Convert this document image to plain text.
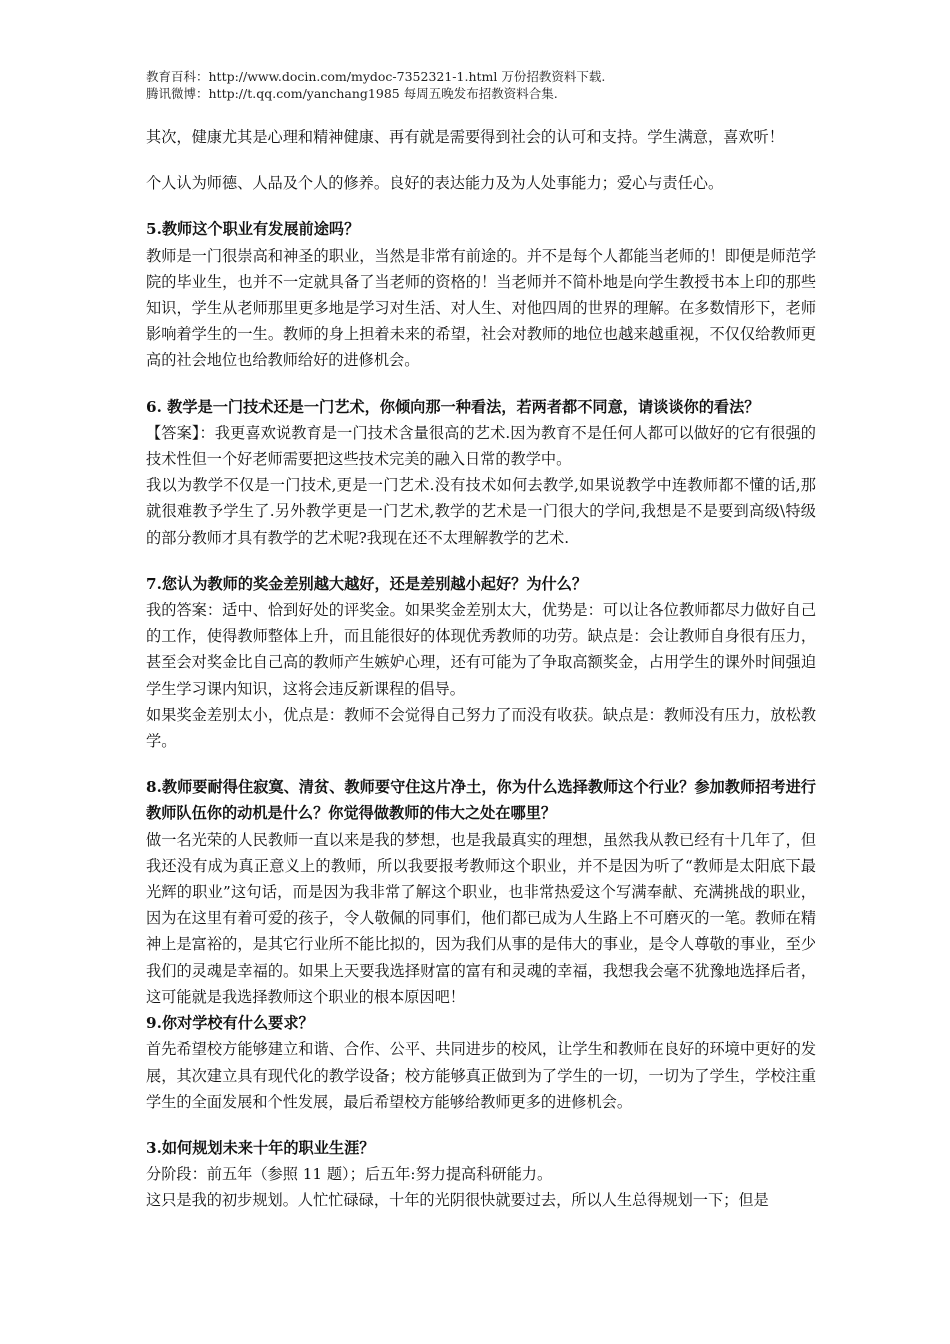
教育百科：http://www.docin.com/mydoc-7352321-1.html 万份招教资料下载.
腾讯微博：http://t.qq.com/yanchang1985 每周五晚发布招教资料合集.

其次，健康尤其是心理和精神健康、再有就是需要得到社会的认可和支持。学生满意，喜欢听！

个人认为师德、人品及个人的修养。良好的表达能力及为人处事能力；爱心与责任心。

5.教师这个职业有发展前途吗？

教师是一门很崇高和神圣的职业，当然是非常有前途的。并不是每个人都能当老师的！即便是师范学院的毕业生，也并不一定就具备了当老师的资格的！当老师并不简朴地是向学生教授书本上印的那些知识，学生从老师那里更多地是学习对生活、对人生、对他四周的世界的理解。在多数情形下，老师影响着学生的一生。教师的身上担着未来的希望，社会对教师的地位也越来越重视，不仅仅给教师更高的社会地位也给教师给好的进修机会。

6. 教学是一门技术还是一门艺术，你倾向那一种看法，若两者都不同意，请谈谈你的看法？

【答案】：我更喜欢说教育是一门技术含量很高的艺术.因为教育不是任何人都可以做好的它有很强的技术性但一个好老师需要把这些技术完美的融入日常的教学中。

我以为教学不仅是一门技术,更是一门艺术.没有技术如何去教学,如果说教学中连教师都不懂的话,那就很难教予学生了.另外教学更是一门艺术,教学的艺术是一门很大的学问,我想是不是要到高级\特级的部分教师才具有教学的艺术呢?我现在还不太理解教学的艺术.

7.您认为教师的奖金差别越大越好，还是差别越小起好？为什么？

我的答案：适中、恰到好处的评奖金。如果奖金差别太大，优势是：可以让各位教师都尽力做好自己的工作，使得教师整体上升，而且能很好的体现优秀教师的功劳。缺点是：会让教师自身很有压力，甚至会对奖金比自己高的教师产生嫉妒心理，还有可能为了争取高额奖金，占用学生的课外时间强迫学生学习课内知识，这将会违反新课程的倡导。

如果奖金差别太小，优点是：教师不会觉得自己努力了而没有收获。缺点是：教师没有压力，放松教学。

8.教师要耐得住寂寞、清贫、教师要守住这片净土，你为什么选择教师这个行业？参加教师招考进行教师队伍你的动机是什么？你觉得做教师的伟大之处在哪里？

做一名光荣的人民教师一直以来是我的梦想，也是我最真实的理想，虽然我从教已经有十几年了，但我还没有成为真正意义上的教师，所以我要报考教师这个职业，并不是因为听了“教师是太阳底下最光辉的职业”这句话，而是因为我非常了解这个职业，也非常热爱这个写满奉献、充满挑战的职业，因为在这里有着可爱的孩子，令人敬佩的同事们，他们都已成为人生路上不可磨灭的一笔。教师在精神上是富裕的，是其它行业所不能比拟的，因为我们从事的是伟大的事业，是令人尊敬的事业，至少我们的灵魂是幸福的。如果上天要我选择财富的富有和灵魂的幸福，我想我会毫不犹豫地选择后者，这可能就是我选择教师这个职业的根本原因吧！

9.你对学校有什么要求？

首先希望校方能够建立和谐、合作、公平、共同进步的校风，让学生和教师在良好的环境中更好的发展，其次建立具有现代化的教学设备；校方能够真正做到为了学生的一切，一切为了学生，学校注重学生的全面发展和个性发展，最后希望校方能够给教师更多的进修机会。

3.如何规划未来十年的职业生涯？

分阶段：前五年（参照 11 题）；后五年:努力提高科研能力。

这只是我的初步规划。人忙忙碌碌，十年的光阴很快就要过去，所以人生总得规划一下；但是
